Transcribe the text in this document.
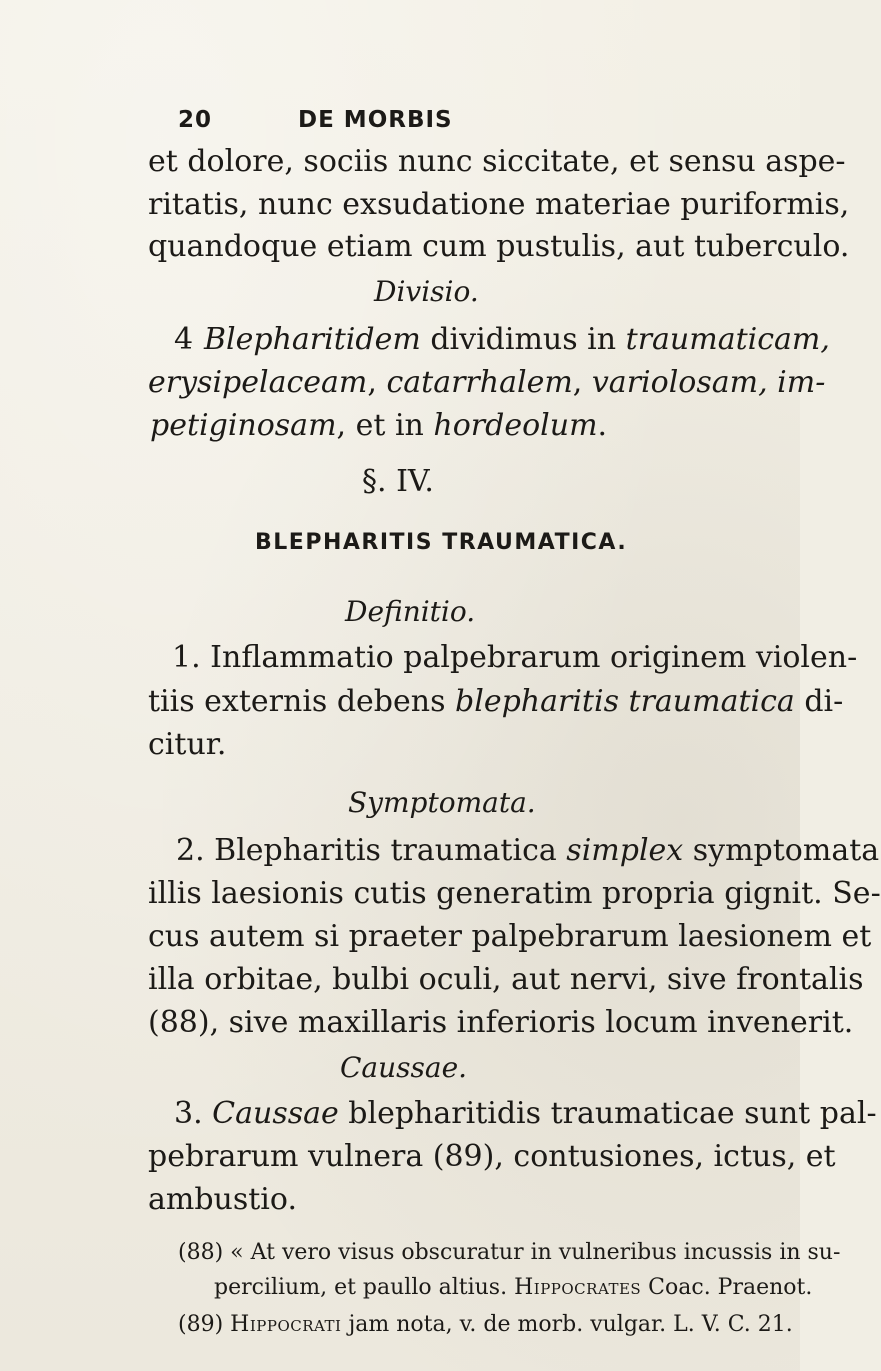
20	DE MORBIS
et dolore, sociis nunc siccitate, et sensu aspe-
ritatis, nunc exsudatione materiae puriformis,
quandoque etiam cum pustulis, aut tuberculo.
Divisio.
4 Blepharitidem dividimus in traumaticam,
erysipelaceam, catarrhalem, variolosam, im-
petiginosam, et in hordeolum.
§. IV.
BLEPHARITIS TRAUMATICA.
Definitio.
1. Inflammatio palpebrarum originem violen-
tiis externis debens blepharitis traumatica di-
citur.
Symptomata.
2. Blepharitis traumatica simplex symptomata
illis laesionis cutis generatim propria gignit. Se-
cus autem si praeter palpebrarum laesionem et
illa orbitae, bulbi oculi, aut nervi, sive frontalis
(88), sive maxillaris inferioris locum invenerit.
Caussae.
3. Caussae blepharitidis traumaticae sunt pal-
pebrarum vulnera (89), contusiones, ictus, et
ambustio.
(88) « At vero visus obscuratur in vulneribus incussis in su-
percilium, et paullo altius. Hippocrates Coac. Praenot.
(89) Hippocrati jam nota, v. de morb. vulgar. L. V. C. 21.
